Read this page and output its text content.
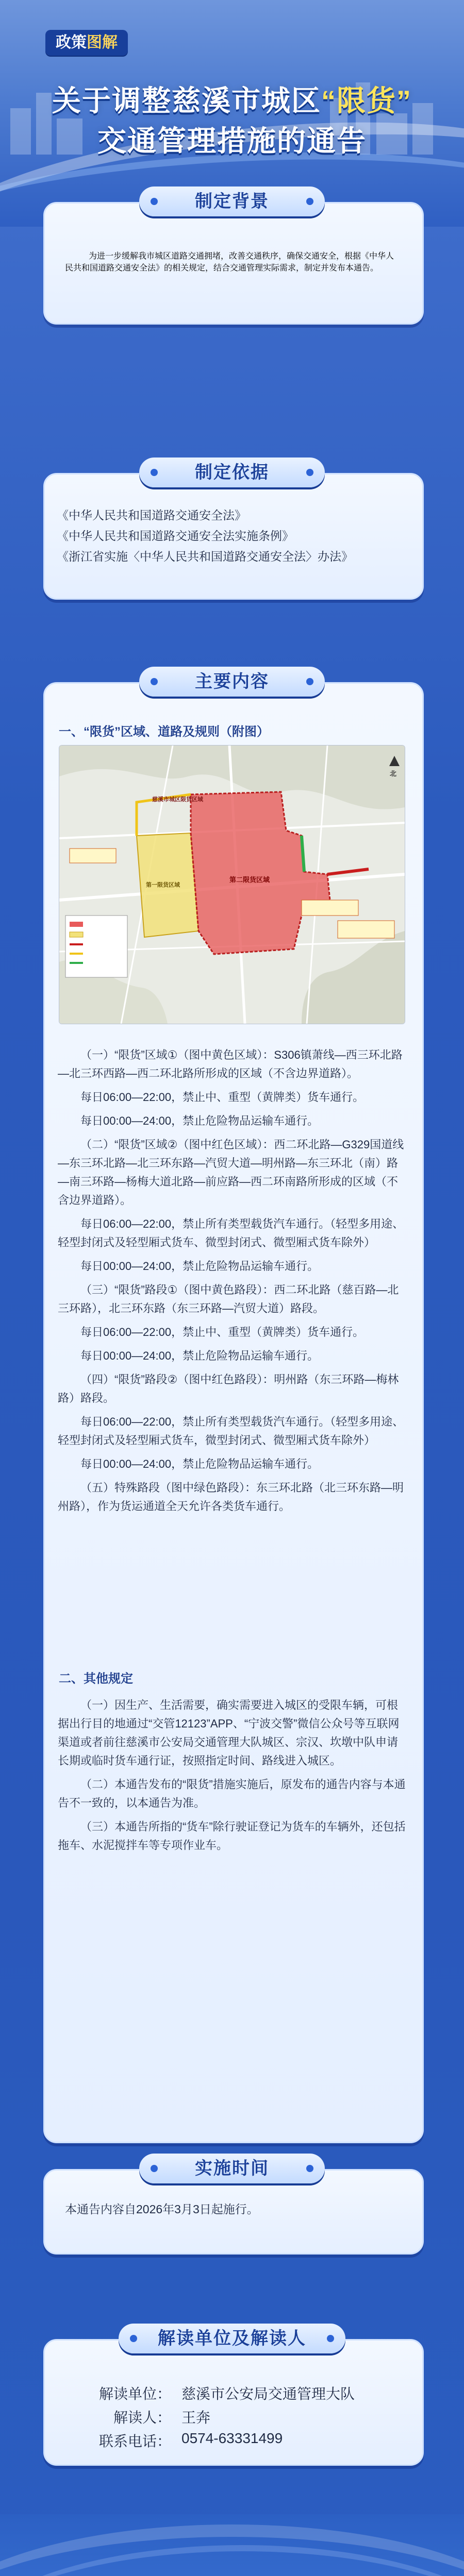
政策图解
关于调整慈溪市城区“限货”
交通管理措施的通告
制定背景

为进一步缓解我市城区道路交通拥堵，改善交通秩序，确保交通安全，根据《中华人民共和国道路交通安全法》的相关规定，结合交通管理实际需求，制定并发布本通告。

制定依据
《中华人民共和国道路交通安全法》
《中华人民共和国道路交通安全法实施条例》
《浙江省实施〈中华人民共和国道路交通安全法〉办法》
主要内容
一、“限货”区域、道路及规则（附图）
慈溪市城区限货区域
第二限货区域
第一限货区域
北

（一）“限货”区域①（图中黄色区域）：S306镇萧线—西三环北路—北三环西路—西二环北路所形成的区域（不含边界道路）。

每日06:00—22:00，禁止中、重型（黄牌类）货车通行。

每日00:00—24:00，禁止危险物品运输车通行。

（二）“限货”区域②（图中红色区域）：西二环北路—G329国道线—东三环北路—北三环东路—汽贸大道—明州路—东三环北（南）路—南三环路—杨梅大道北路—前应路—西二环南路所形成的区域（不含边界道路）。

每日06:00—22:00，禁止所有类型载货汽车通行。（轻型多用途、轻型封闭式及轻型厢式货车、微型封闭式、微型厢式货车除外）

每日00:00—24:00，禁止危险物品运输车通行。

（三）“限货”路段①（图中黄色路段）：西二环北路（慈百路—北三环路），北三环东路（东三环路—汽贸大道）路段。

每日06:00—22:00，禁止中、重型（黄牌类）货车通行。

每日00:00—24:00，禁止危险物品运输车通行。

（四）“限货”路段②（图中红色路段）：明州路（东三环路—梅林路）路段。

每日06:00—22:00，禁止所有类型载货汽车通行。（轻型多用途、轻型封闭式及轻型厢式货车，微型封闭式、微型厢式货车除外）

每日00:00—24:00，禁止危险物品运输车通行。

（五）特殊路段（图中绿色路段）：东三环北路（北三环东路—明州路），作为货运通道全天允许各类货车通行。

二、其他规定

（一）因生产、生活需要，确实需要进入城区的受限车辆，可根据出行目的地通过“交管12123”APP、“宁波交警”微信公众号等互联网渠道或者前往慈溪市公安局交通管理大队城区、宗汉、坎墩中队申请长期或临时货车通行证，按照指定时间、路线进入城区。

（二）本通告发布的“限货”措施实施后，原发布的通告内容与本通告不一致的，以本通告为准。

（三）本通告所指的“货车”除行驶证登记为货车的车辆外，还包括拖车、水泥搅拌车等专项作业车。

实施时间
本通告内容自2026年3月3日起施行。
解读单位及解读人
解读单位： 慈溪市公安局交通管理大队
解读人： 王奔
联系电话： 0574-63331499
